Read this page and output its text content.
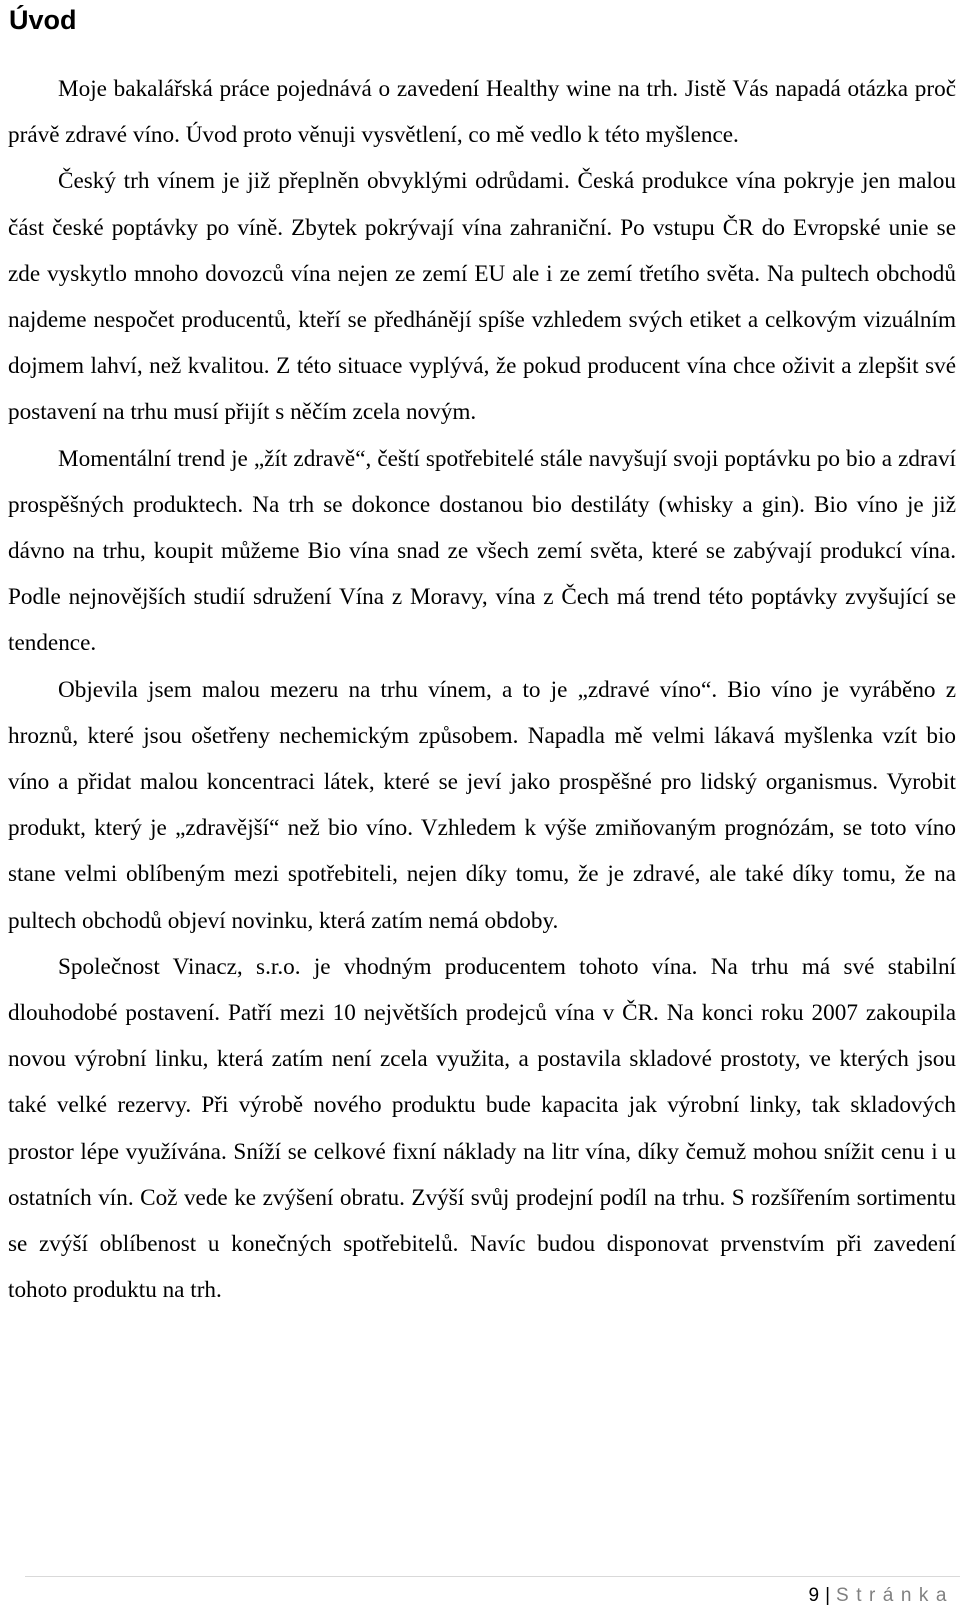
Úvod

Moje bakalářská práce pojednává o zavedení Healthy wine na trh. Jistě Vás napadá otázka proč právě zdravé víno. Úvod proto věnuji vysvětlení, co mě vedlo k této myšlence.

Český trh vínem je již přeplněn obvyklými odrůdami. Česká produkce vína pokryje jen malou část české poptávky po víně. Zbytek pokrývají vína zahraniční. Po vstupu ČR do Evropské unie se zde vyskytlo mnoho dovozců vína nejen ze zemí EU ale i ze zemí třetího světa. Na pultech obchodů najdeme nespočet producentů, kteří se předhánějí spíše vzhledem svých etiket a celkovým vizuálním dojmem lahví, než kvalitou. Z této situace vyplývá, že pokud producent vína chce oživit a zlepšit své postavení na trhu musí přijít s něčím zcela novým.

Momentální trend je „žít zdravě“, čeští spotřebitelé stále navyšují svoji poptávku po bio a zdraví prospěšných produktech. Na trh se dokonce dostanou bio destiláty (whisky a gin). Bio víno je již dávno na trhu, koupit můžeme Bio vína snad ze všech zemí světa, které se zabývají produkcí vína. Podle nejnovějších studií sdružení Vína z Moravy, vína z Čech má trend této poptávky zvyšující se tendence.

Objevila jsem malou mezeru na trhu vínem, a to je „zdravé víno“. Bio víno je vyráběno z hroznů, které jsou ošetřeny nechemickým způsobem. Napadla mě velmi lákavá myšlenka vzít bio víno a přidat malou koncentraci látek, které se jeví jako prospěšné pro lidský organismus. Vyrobit produkt, který je „zdravější“ než bio víno. Vzhledem k výše zmiňovaným prognózám, se toto víno stane velmi oblíbeným mezi spotřebiteli, nejen díky tomu, že je zdravé, ale také díky tomu, že na pultech obchodů objeví novinku, která zatím nemá obdoby.

Společnost Vinacz, s.r.o. je vhodným producentem tohoto vína. Na trhu má své stabilní dlouhodobé postavení. Patří mezi 10 největších prodejců vína v ČR. Na konci roku 2007 zakoupila novou výrobní linku, která zatím není zcela využita, a postavila skladové prostoty, ve kterých jsou také velké rezervy. Při výrobě nového produktu bude kapacita jak výrobní linky, tak skladových prostor lépe využívána. Sníží se celkové fixní náklady na litr vína, díky čemuž mohou snížit cenu i u ostatních vín. Což vede ke zvýšení obratu. Zvýší svůj prodejní podíl na trhu. S rozšířením sortimentu se zvýší oblíbenost u konečných spotřebitelů. Navíc budou disponovat prvenstvím při zavedení tohoto produktu na trh.

9 | Stránka
